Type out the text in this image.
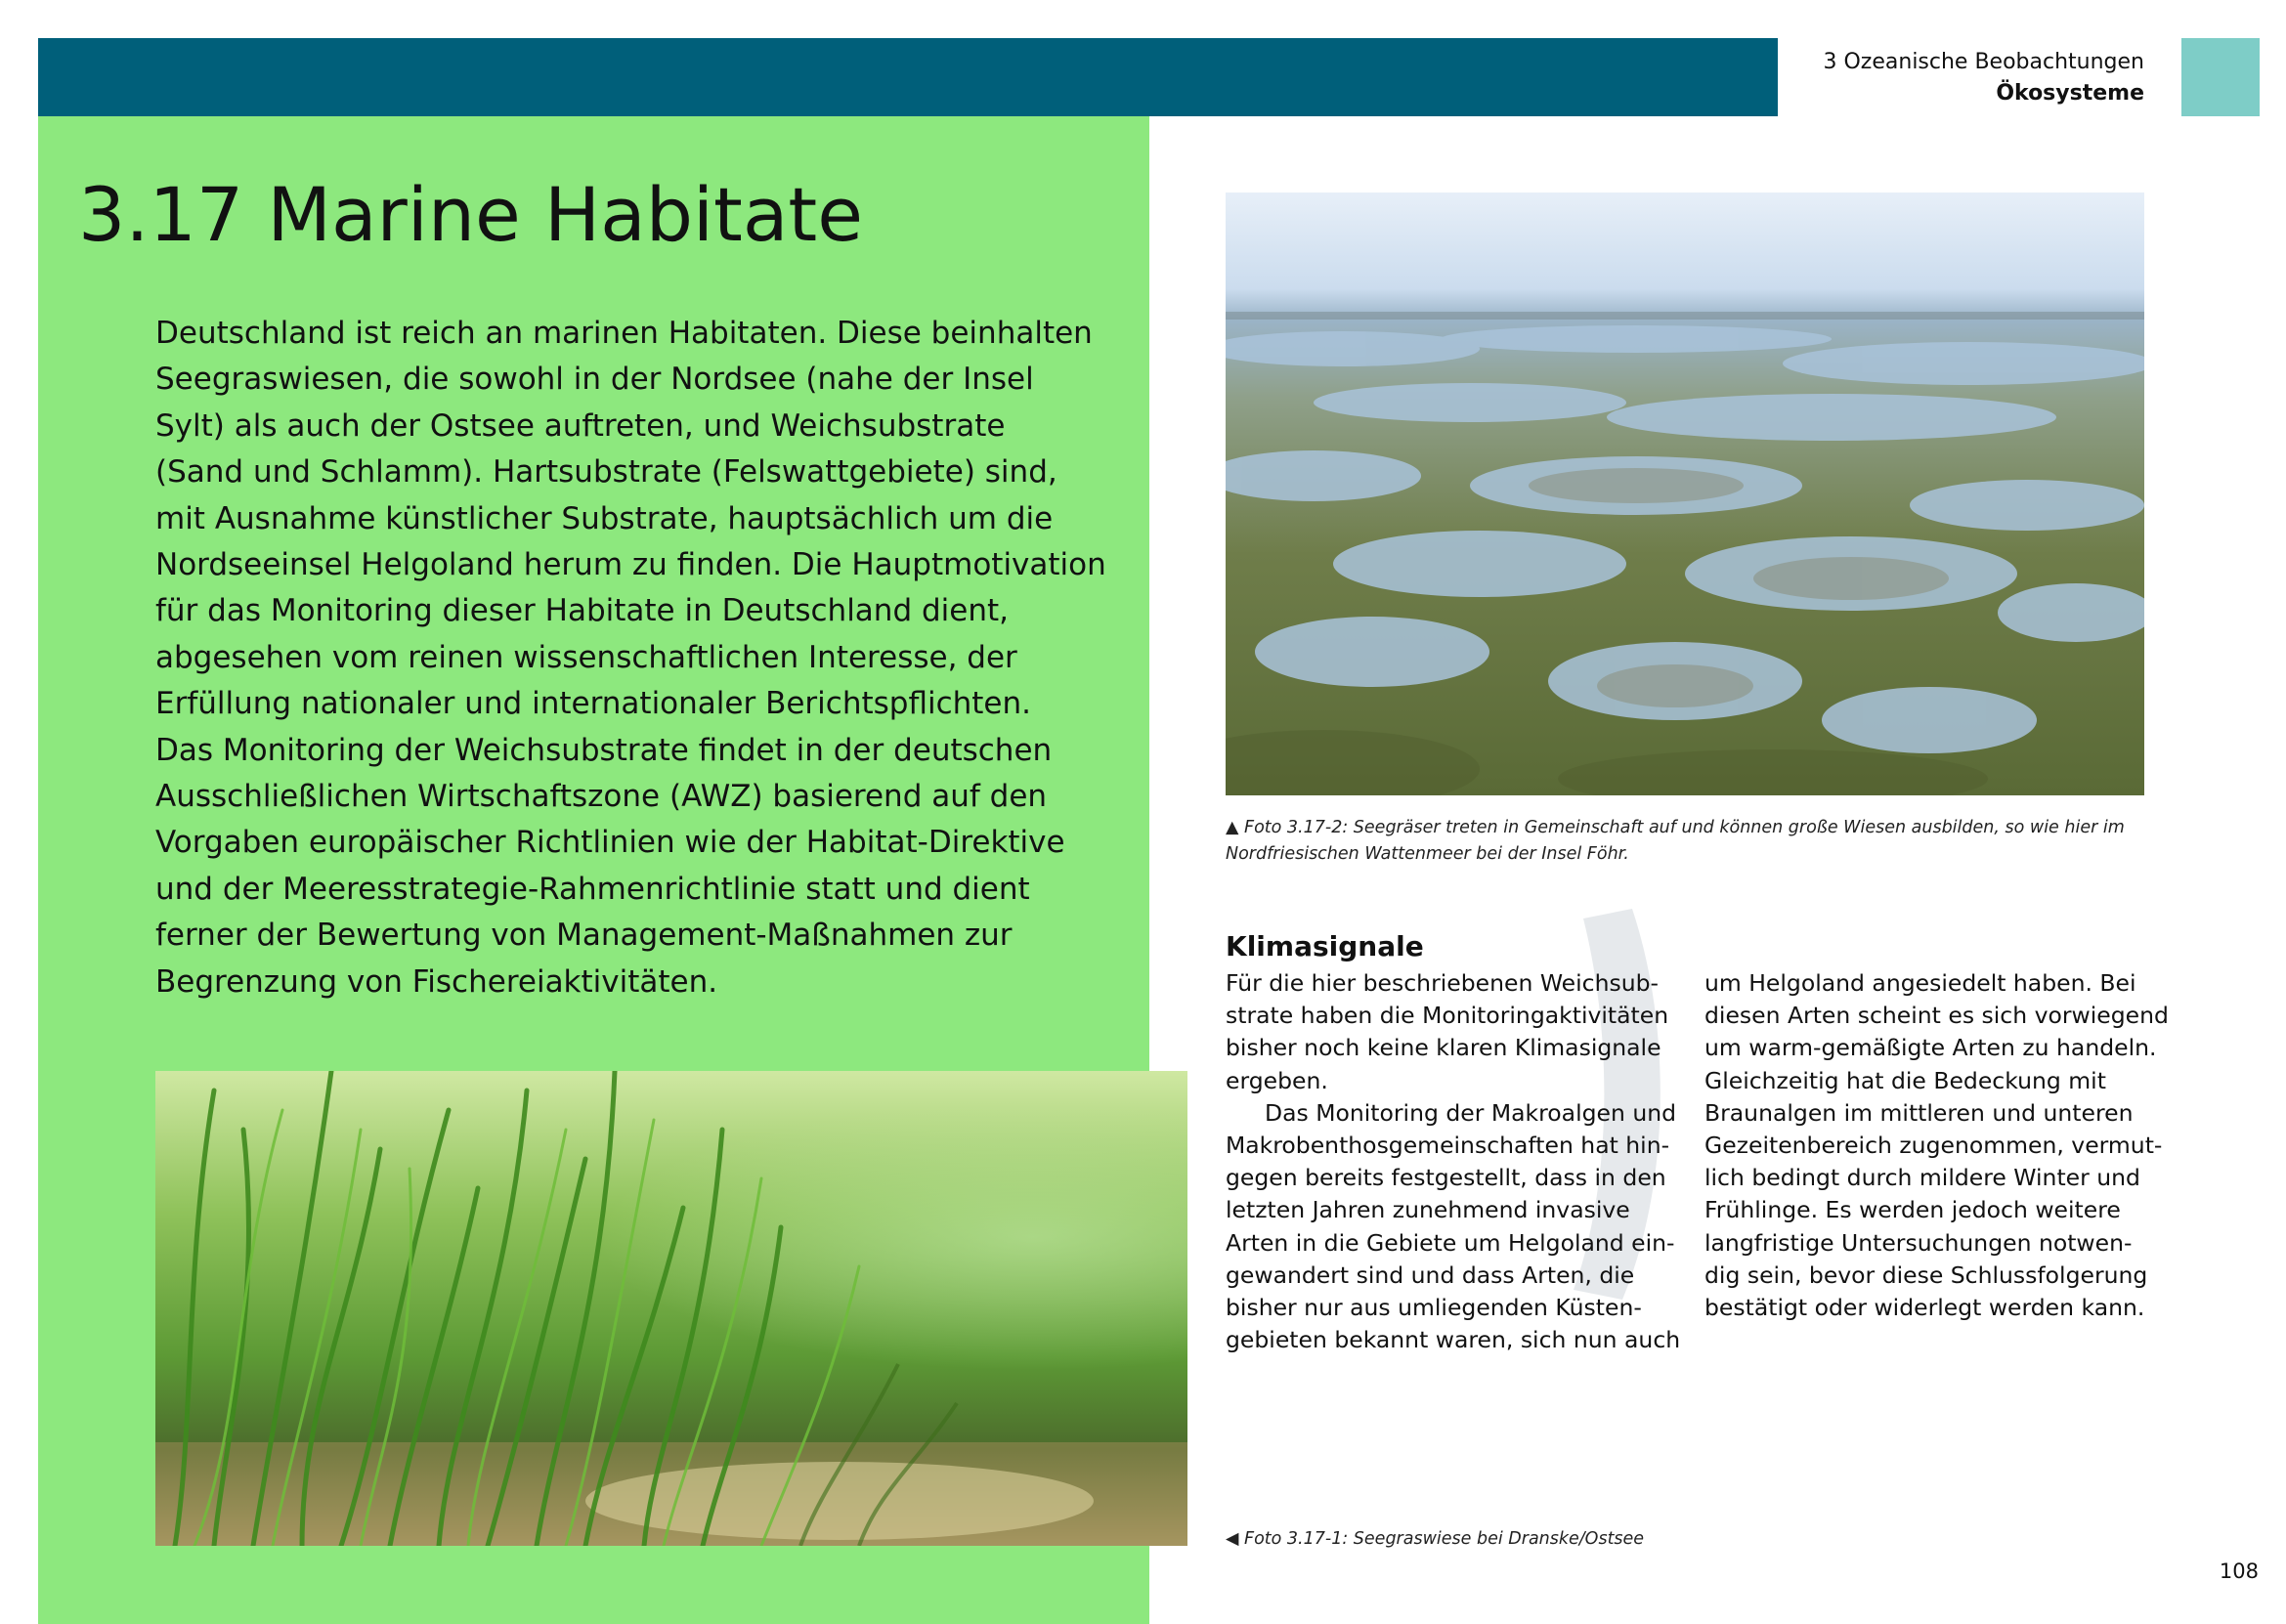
3 Ozeanische Beobachtungen
Ökosysteme
3.17 Marine Habitate
Deutschland ist reich an marinen Habitaten. Diese beinhalten
Seegraswiesen, die sowohl in der Nordsee (nahe der Insel
Sylt) als auch der Ostsee auftreten, und Weichsubstrate
(Sand und Schlamm). Hartsubstrate (Felswattgebiete) sind,
mit Ausnahme künstlicher Substrate, hauptsächlich um die
Nordseeinsel Helgoland herum zu finden. Die Hauptmotivation
für das Monitoring dieser Habitate in Deutschland dient,
abgesehen vom reinen wissenschaftlichen Interesse, der
Erfüllung nationaler und internationaler Berichtspflichten.
Das Monitoring der Weichsubstrate findet in der deutschen
Ausschließlichen Wirtschaftszone (AWZ) basierend auf den
Vorgaben europäischer Richtlinien wie der Habitat-Direktive
und der Meeresstrategie-Rahmenrichtlinie statt und dient
ferner der Bewertung von Management-Maßnahmen zur
Begrenzung von Fischereiaktivitäten.
▲ Foto 3.17-2: Seegräser treten in Gemeinschaft auf und können große Wiesen ausbilden, so wie hier im
Nordfriesischen Wattenmeer bei der Insel Föhr.
◀ Foto 3.17-1: Seegraswiese bei Dranske/Ostsee
Klimasignale
Für die hier beschriebenen Weichsub-
strate haben die Monitoringaktivitäten
bisher noch keine klaren Klimasignale
ergeben.
Das Monitoring der Makroalgen und
Makrobenthosgemeinschaften hat hin-
gegen bereits festgestellt, dass in den
letzten Jahren zunehmend invasive
Arten in die Gebiete um Helgoland ein-
gewandert sind und dass Arten, die
bisher nur aus umliegenden Küsten-
gebieten bekannt waren, sich nun auch
um Helgoland angesiedelt haben. Bei
diesen Arten scheint es sich vorwiegend
um warm-gemäßigte Arten zu handeln.
Gleichzeitig hat die Bedeckung mit
Braunalgen im mittleren und unteren
Gezeitenbereich zugenommen, vermut-
lich bedingt durch mildere Winter und
Frühlinge. Es werden jedoch weitere
langfristige Untersuchungen notwen-
dig sein, bevor diese Schlussfolgerung
bestätigt oder widerlegt werden kann.
108
